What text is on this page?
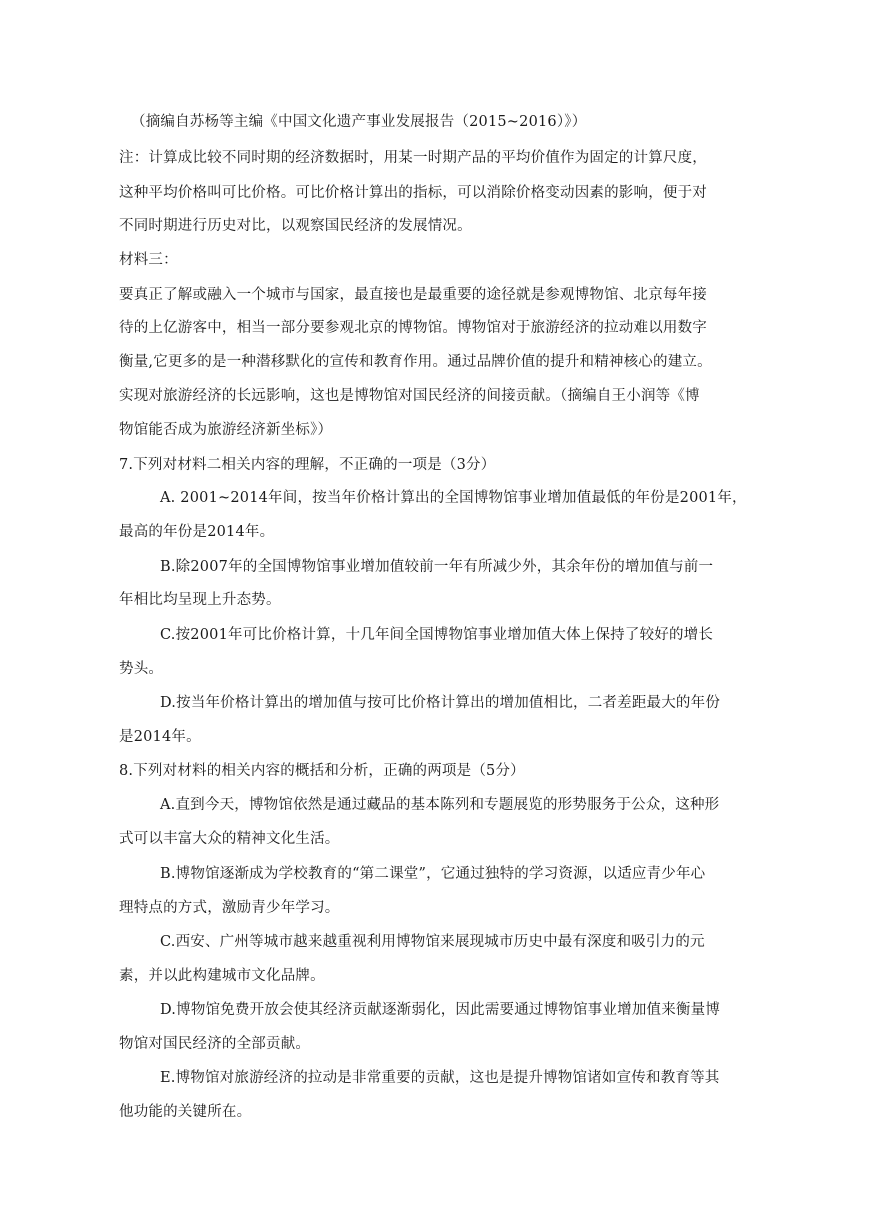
（摘编自苏杨等主编《中国文化遗产事业发展报告（2015~2016）》）
注：计算成比较不同时期的经济数据时，用某一时期产品的平均价值作为固定的计算尺度，
这种平均价格叫可比价格。可比价格计算出的指标，可以消除价格变动因素的影响，便于对
不同时期进行历史对比，以观察国民经济的发展情况。
材料三：
要真正了解或融入一个城市与国家，最直接也是最重要的途径就是参观博物馆、北京每年接
待的上亿游客中，相当一部分要参观北京的博物馆。博物馆对于旅游经济的拉动难以用数字
衡量,它更多的是一种潜移默化的宣传和教育作用。通过品牌价值的提升和精神核心的建立。
实现对旅游经济的长远影响，这也是博物馆对国民经济的间接贡献。（摘编自王小润等《博
物馆能否成为旅游经济新坐标》）
7.下列对材料二相关内容的理解，不正确的一项是（3分）
A. 2001~2014年间，按当年价格计算出的全国博物馆事业增加值最低的年份是2001年，
最高的年份是2014年。
B.除2007年的全国博物馆事业增加值较前一年有所减少外，其余年份的增加值与前一
年相比均呈现上升态势。
C.按2001年可比价格计算，十几年间全国博物馆事业增加值大体上保持了较好的增长
势头。
D.按当年价格计算出的增加值与按可比价格计算出的增加值相比，二者差距最大的年份
是2014年。
8.下列对材料的相关内容的概括和分析，正确的两项是（5分）
A.直到今天，博物馆依然是通过藏品的基本陈列和专题展览的形势服务于公众，这种形
式可以丰富大众的精神文化生活。
B.博物馆逐渐成为学校教育的“第二课堂”，它通过独特的学习资源，以适应青少年心
理特点的方式，激励青少年学习。
C.西安、广州等城市越来越重视利用博物馆来展现城市历史中最有深度和吸引力的元
素，并以此构建城市文化品牌。
D.博物馆免费开放会使其经济贡献逐渐弱化，因此需要通过博物馆事业增加值来衡量博
物馆对国民经济的全部贡献。
E.博物馆对旅游经济的拉动是非常重要的贡献，这也是提升博物馆诸如宣传和教育等其
他功能的关键所在。
